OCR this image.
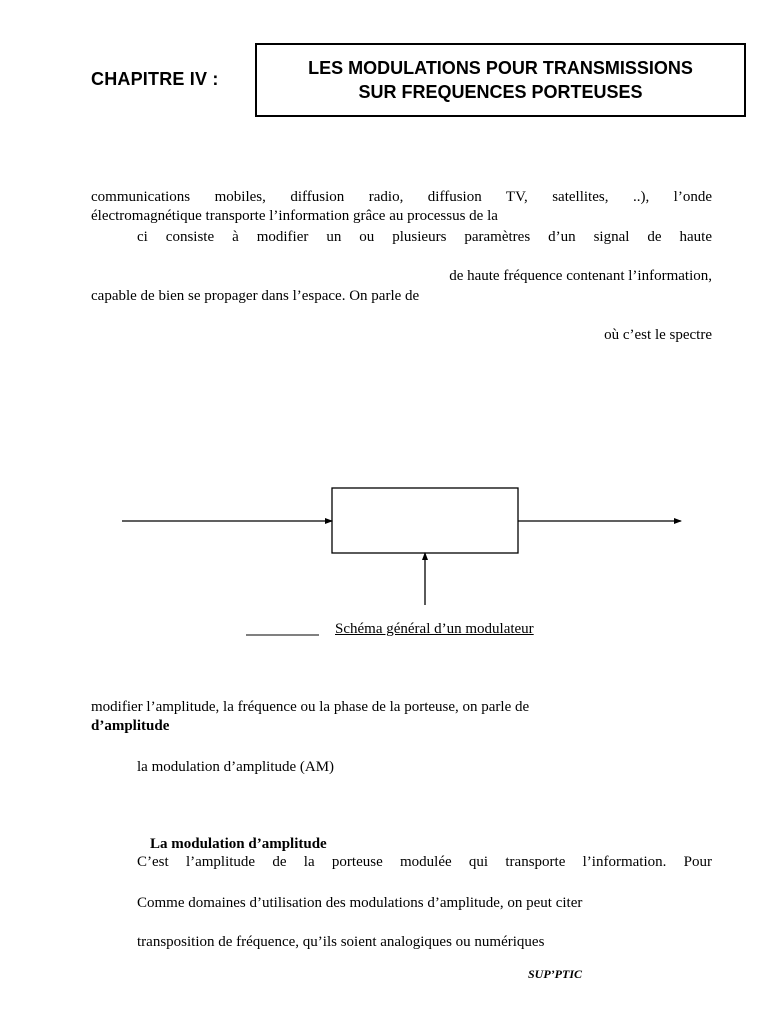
CHAPITRE IV :
LES MODULATIONS POUR TRANSMISSIONS
SUR FREQUENCES PORTEUSES
communications mobiles, diffusion radio, diffusion TV, satellites, ..), l’onde
électromagnétique transporte l’information grâce au processus de la
ci consiste à modifier un ou plusieurs paramètres d’un signal de haute
de haute fréquence contenant l’information,
capable de bien se propager dans l’espace. On parle de
où c’est le spectre
Schéma général d’un modulateur
modifier l’amplitude, la fréquence ou la phase de la porteuse, on parle de
d’amplitude
la modulation d’amplitude (AM)
La modulation d’amplitude
C’est l’amplitude de la porteuse modulée qui transporte l’information. Pour
Comme domaines d’utilisation des modulations d’amplitude, on peut citer
transposition de fréquence, qu’ils soient analogiques ou numériques
SUP’PTIC
